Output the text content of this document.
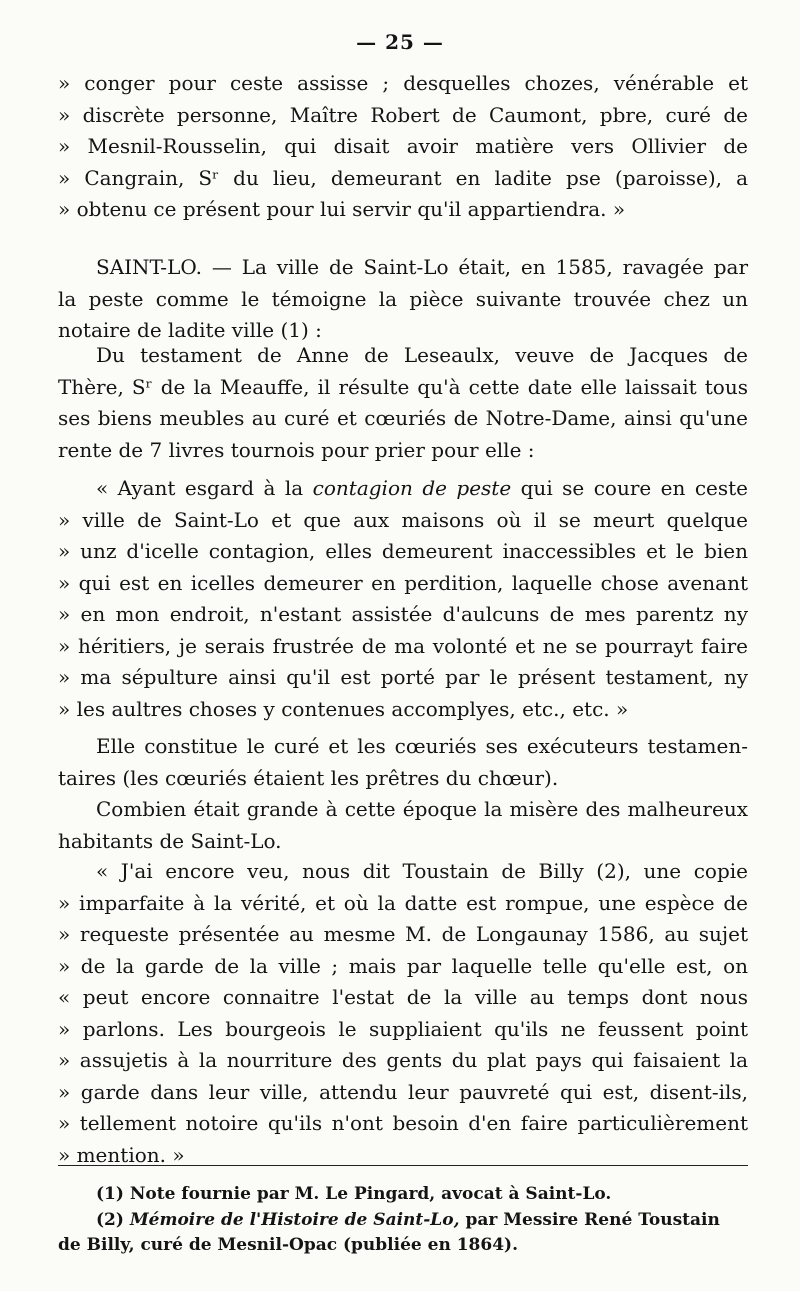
— 25 —
» conger pour ceste assisse ; desquelles chozes, vénérable et
» discrète personne, Maître Robert de Caumont, pbre, curé de
» Mesnil-Rousselin, qui disait avoir matière vers Ollivier de
» Cangrain, Sʳ du lieu, demeurant en ladite pse (paroisse), a
» obtenu ce présent pour lui servir qu'il appartiendra. »
SAINT-LO. — La ville de Saint-Lo était, en 1585, ravagée par
la peste comme le témoigne la pièce suivante trouvée chez un
notaire de ladite ville (1) :
Du testament de Anne de Leseaulx, veuve de Jacques de
Thère, Sʳ de la Meauffe, il résulte qu'à cette date elle laissait tous
ses biens meubles au curé et cœuriés de Notre-Dame, ainsi qu'une
rente de 7 livres tournois pour prier pour elle :
« Ayant esgard à la contagion de peste qui se coure en ceste
» ville de Saint-Lo et que aux maisons où il se meurt quelque
» unz d'icelle contagion, elles demeurent inaccessibles et le bien
» qui est en icelles demeurer en perdition, laquelle chose avenant
» en mon endroit, n'estant assistée d'aulcuns de mes parentz ny
» héritiers, je serais frustrée de ma volonté et ne se pourrayt faire
» ma sépulture ainsi qu'il est porté par le présent testament, ny
» les aultres choses y contenues accomplyes, etc., etc. »
Elle constitue le curé et les cœuriés ses exécuteurs testamen-
taires (les cœuriés étaient les prêtres du chœur).
Combien était grande à cette époque la misère des malheureux
habitants de Saint-Lo.
« J'ai encore veu, nous dit Toustain de Billy (2), une copie
» imparfaite à la vérité, et où la datte est rompue, une espèce de
» requeste présentée au mesme M. de Longaunay 1586, au sujet
» de la garde de la ville ; mais par laquelle telle qu'elle est, on
« peut encore connaitre l'estat de la ville au temps dont nous
» parlons. Les bourgeois le suppliaient qu'ils ne feussent point
» assujetis à la nourriture des gents du plat pays qui faisaient la
» garde dans leur ville, attendu leur pauvreté qui est, disent-ils,
» tellement notoire qu'ils n'ont besoin d'en faire particulièrement
» mention. »
(1) Note fournie par M. Le Pingard, avocat à Saint-Lo.
(2) Mémoire de l'Histoire de Saint-Lo, par Messire René Toustain
de Billy, curé de Mesnil-Opac (publiée en 1864).
